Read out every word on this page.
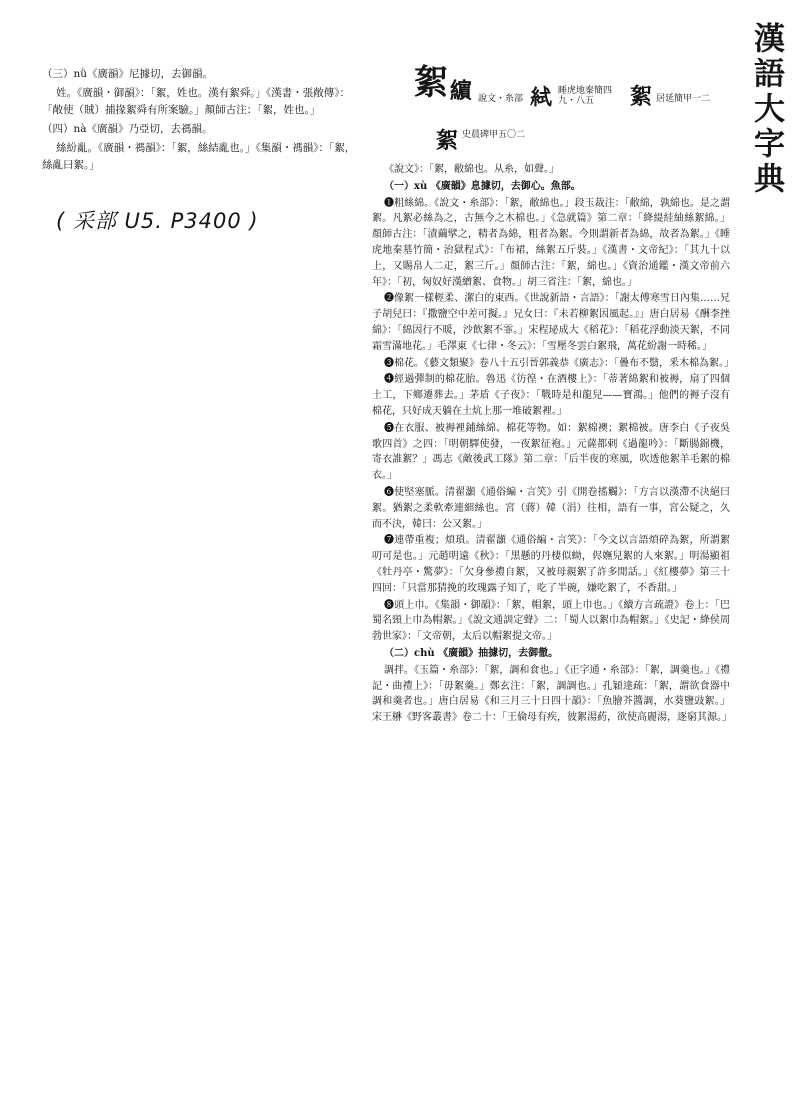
漢語大字典

（三）nǜ《廣韻》尼據切，去御韻。

姓。《廣韻・御韻》：「絮，姓也。漢有絮舜。」《漢書・張敞傳》：「敞使（賊）捕掾絮舜有所案驗。」顏師古注：「絮，姓也。」

（四）nà《廣韻》乃亞切，去禡韻。

絲紛亂。《廣韻・禡韻》：「絮，絲結亂也。」《集韻・禡韻》：「絮，絲亂曰絮。」

( 采部 U5. P3400 )
絮 𦆯 說文・糸部 𥿮 睡虎地秦簡四九・八五	絮 居延簡甲一二
絮 史晨碑甲五〇二

《說文》：「絮，敝綿也。从糸，如聲。」

（一）xù 《廣韻》息據切，去御心。魚部。

❶粗絲綿。《說文・糸部》：「絮，敝綿也。」段玉裁注：「敝綿，孰綿也。是之謂絮。凡絮必絲為之，古無今之木棉也。」《急就篇》第二章：「絳緹絓紬絲絮綿。」顏師古注：「漬繭擘之，精者為綿，粗者為絮。今則謂新者為綿，故者為絮。」《睡虎地秦墓竹簡・治獄程式》：「布裙，絲絮五斤裝。」《漢書・文帝紀》：「其九十以上，又賜帛人二疋，絮三斤。」顏師古注：「絮，綿也。」《資治通鑑・漢文帝前六年》：「初，匈奴好漢繒絮、食物。」胡三省注：「絮，綿也。」

❷像絮一樣輕柔、潔白的東西。《世說新語・言語》：「謝太傅寒雪日內集……兄子胡兒曰：『撒鹽空中差可擬。』兄女曰：『未若柳絮因風起。』」唐白居易《酬李挫綿》：「綿因行不暖，沙飲絮不霏。」宋程珌成大《稻花》：「稻花浮動淡天絮，不同霜雪滿地花。」毛澤東《七律・冬云》：「雪壓冬雲白絮飛，萬花紛謝一時稀。」

❸棉花。《藝文類聚》卷八十五引晉郭義恭《廣志》：「疊布不翳，釆木棉為絮。」

❹經過彈制的棉花胎。魯迅《彷徨・在酒樓上》：「蒂著綿絮和被褥，扇了四個土工，下鄉遷葬去。」茅盾《子夜》：「戰時是和龍兒——寶鴻。」他們的褥子沒有棉花，只好成天躺在土炕上那一堆破絮裡。」

❺在衣服、被褥裡鋪絲綿、棉花等物。如：絮棉襖；絮棉被。唐李白《子夜吳歌四首》之四：「明朝驛使發，一夜絮征袍。」元薩都剌《過龍吟》：「斷腸錦機，寄衣誰絮？」馮志《敵後武工隊》第二章：「后半夜的寒風，吹透他絮羊毛絮的棉衣。」

❻使堅塞脈。清翟灝《通俗編・言笑》引《開卷搖觸》：「方言以漢滯不決絕曰絮。猶絮之柔軟牽連細絲也。宮（蔣）韓（涓）往相，語有一事，宮公疑之，久而不決，韓曰：公又絮。」

❼連帶重複；煩瑣。清翟灝《通俗編・言笑》：「今文以言語煩碎為絮，所謂絮叨可是也。」元趙明遠《秋》：「黑懸的丹棲似蚴，侭嫵兒絮的人來絮。」明湯顯祖《牡丹亭・驚夢》：「欠身參禮自絮，又被母親絮了許多閒話。」《紅樓夢》第三十四回：「只當那猜挽的玫瑰露子知了，吃了半碗，嫌吃絮了，不香甜。」

❽頭上巾。《集韻・御韻》：「絮，帽絮，頭上巾也。」《續方言疏證》卷上：「巴蜀名頸上巾為帽絮。」《說文通訓定聲》二：「蜀人以絮巾為帽絮。」《史記・絳侯周勃世家》：「文帝朝，太后以帽絮提文帝。」

（二）chù 《廣韻》抽據切，去御徹。

調拌。《玉篇・糸部》：「絮，調和食也。」《正字通・糸部》：「絮，調羹也。」《禮記・曲禮上》：「毋絮羹。」鄭玄注：「絮，調調也。」孔穎達疏：「絮，謂欲食器中調和羹者也。」唐白居易《和三月三十日四十韻》：「魚膾芥醬調，水葵鹽豉絮。」宋王楙《野客叢書》卷二十：「王倫母有疾，彼絮湯葯，欲使高麗湯，逐窮其源。」
